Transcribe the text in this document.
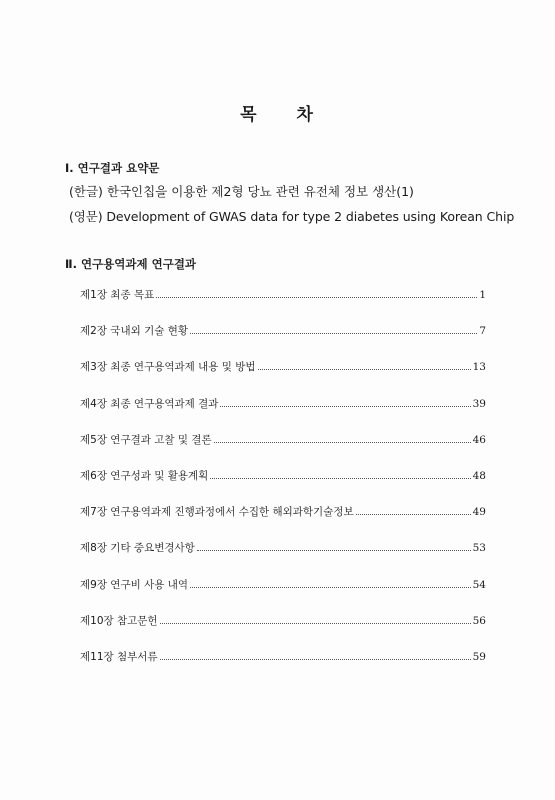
목 차
Ⅰ. 연구결과 요약문
(한글) 한국인칩을 이용한 제2형 당뇨 관련 유전체 정보 생산(1)
(영문) Development of GWAS data for type 2 diabetes using Korean Chip
Ⅱ. 연구용역과제 연구결과
제1장 최종 목표	1
제2장 국내외 기술 현황	7
제3장 최종 연구용역과제 내용 및 방법	13
제4장 최종 연구용역과제 결과	39
제5장 연구결과 고찰 및 결론	46
제6장 연구성과 및 활용계획	48
제7장 연구용역과제 진행과정에서 수집한 해외과학기술정보	49
제8장 기타 중요변경사항	53
제9장 연구비 사용 내역	54
제10장 참고문헌	56
제11장 첨부서류	59
